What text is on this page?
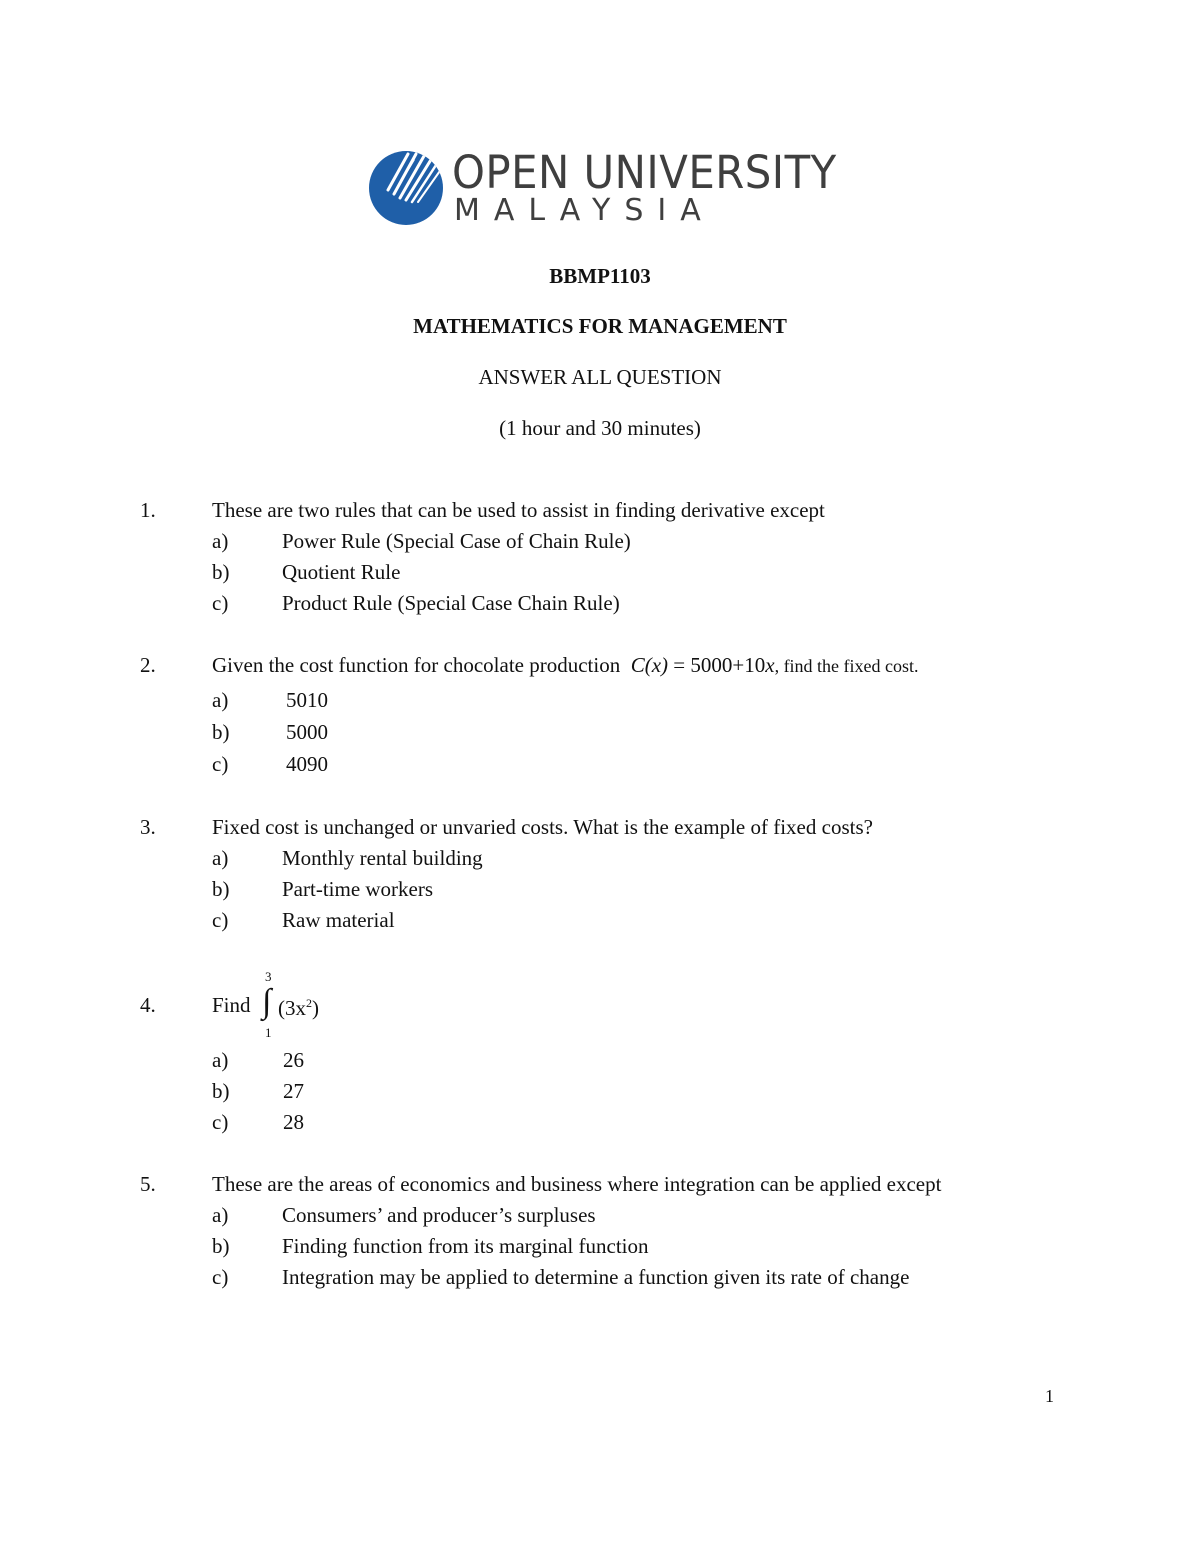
OPEN UNIVERSITY
MALAYSIA
BBMP1103
MATHEMATICS FOR MANAGEMENT
ANSWER ALL QUESTION
(1 hour and 30 minutes)
1.	These are two rules that can be used to assist in finding derivative except
a)	Power Rule (Special Case of Chain Rule)
b)	Quotient Rule
c)	Product Rule (Special Case Chain Rule)
2.	Given the cost function for chocolate production C(x) = 5000+10x, find the fixed cost.
a)	5010
b)	5000
c)	4090
3.	Fixed cost is unchanged or unvaried costs. What is the example of fixed costs?
a)	Monthly rental building
b)	Part-time workers
c)	Raw material
4.	Find
3
∫
1
$(3x^2)$
a)	26
b)	27
c)	28
5.	These are the areas of economics and business where integration can be applied except
a)	Consumers’ and producer’s surpluses
b)	Finding function from its marginal function
c)	Integration may be applied to determine a function given its rate of change
1
